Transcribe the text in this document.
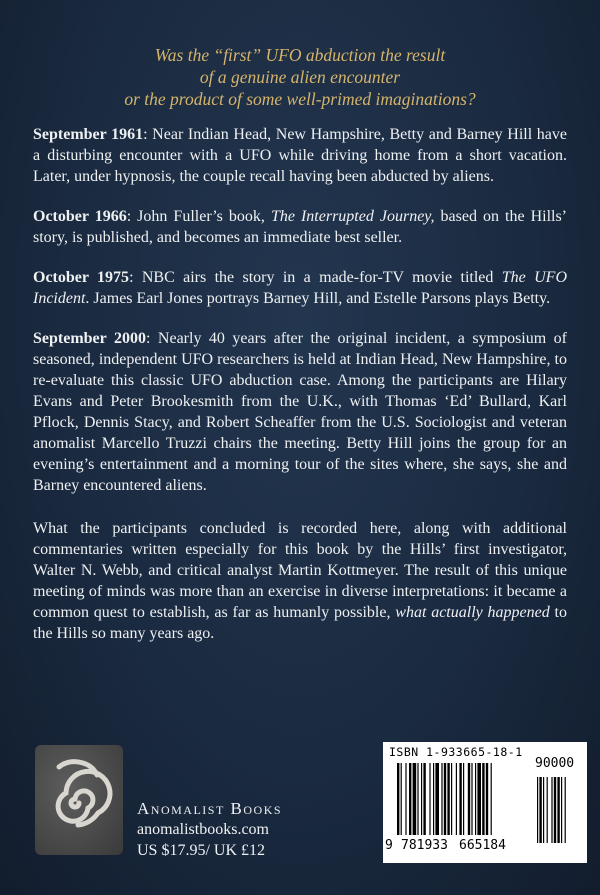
Was the “first” UFO abduction the result
of a genuine alien encounter
or the product of some well-primed imaginations?

September 1961: Near Indian Head, New Hampshire, Betty and Barney Hill have a disturbing encounter with a UFO while driving home from a short vacation. Later, under hypnosis, the couple recall having been abducted by aliens.

October 1966: John Fuller’s book, The Interrupted Journey, based on the Hills’ story, is published, and becomes an immediate best seller.

October 1975: NBC airs the story in a made-for-TV movie titled The UFO Incident. James Earl Jones portrays Barney Hill, and Estelle Parsons plays Betty.

September 2000: Nearly 40 years after the original incident, a symposium of seasoned, independent UFO researchers is held at Indian Head, New Hampshire, to re-evaluate this classic UFO abduction case. Among the participants are Hilary Evans and Peter Brookesmith from the U.K., with Thomas ‘Ed’ Bullard, Karl Pflock, Dennis Stacy, and Robert Scheaffer from the U.S. Sociologist and veteran anomalist Marcello Truzzi chairs the meeting. Betty Hill joins the group for an evening’s entertainment and a morning tour of the sites where, she says, she and Barney encountered aliens.

What the participants concluded is recorded here, along with additional commentaries written especially for this book by the Hills’ first investigator, Walter N. Webb, and critical analyst Martin Kottmeyer. The result of this unique meeting of minds was more than an exercise in diverse interpretations: it became a common quest to establish, as far as humanly possible, what actually happened to the Hills so many years ago.

Anomalist Books
anomalistbooks.com
US $17.95/ UK £12
ISBN 1-933665-18-1
9 781933 665184
90000
